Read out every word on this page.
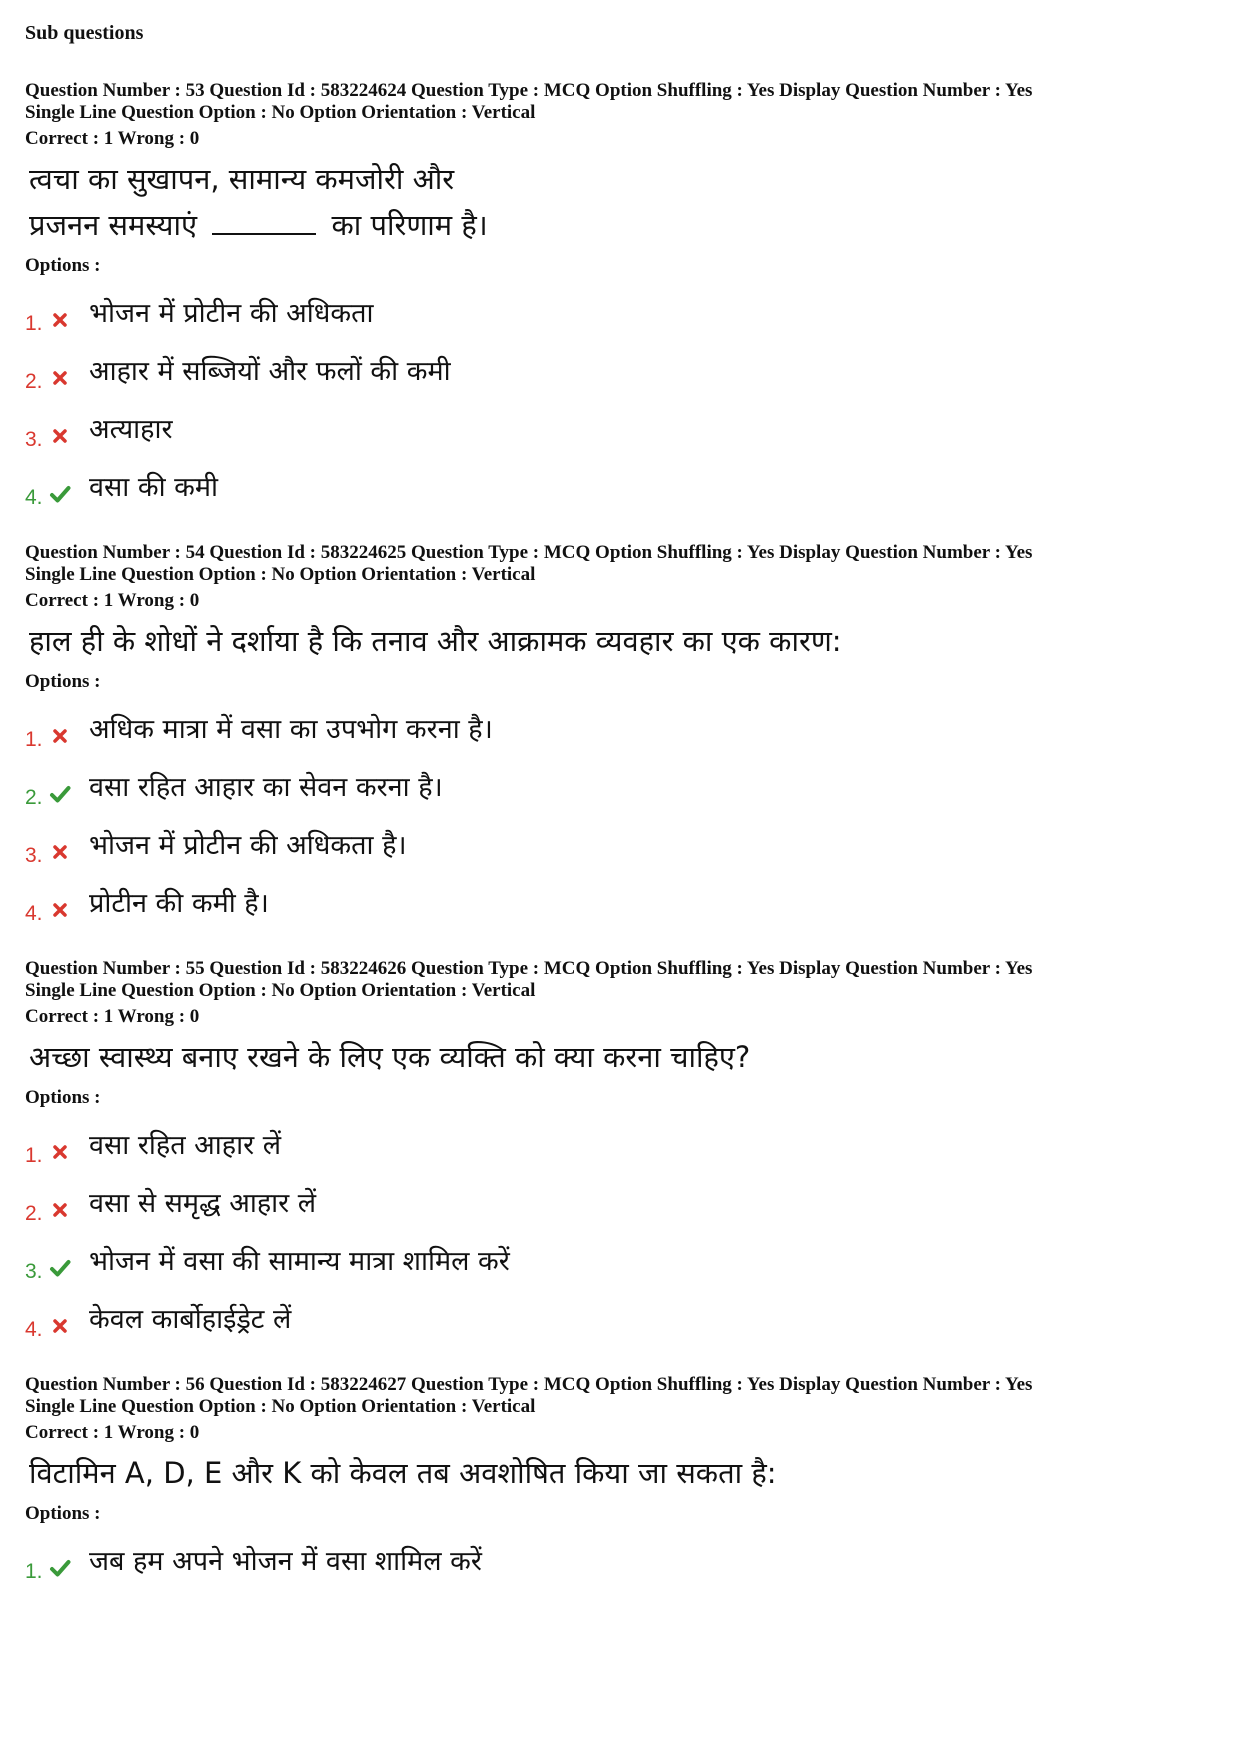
Sub questions
Question Number : 53 Question Id : 583224624 Question Type : MCQ Option Shuffling : Yes Display Question Number : Yes
Single Line Question Option : No Option Orientation : Vertical
Correct : 1 Wrong : 0
त्वचा का सुखापन, सामान्य कमजोरी और
प्रजनन समस्याएं	का परिणाम है।
Options :
1. भोजन में प्रोटीन की अधिकता
2. आहार में सब्जियों और फलों की कमी
3. अत्याहार
4. वसा की कमी
Question Number : 54 Question Id : 583224625 Question Type : MCQ Option Shuffling : Yes Display Question Number : Yes
Single Line Question Option : No Option Orientation : Vertical
Correct : 1 Wrong : 0
हाल ही के शोधों ने दर्शाया है कि तनाव और आक्रामक व्यवहार का एक कारण:
Options :
1. अधिक मात्रा में वसा का उपभोग करना है।
2. वसा रहित आहार का सेवन करना है।
3. भोजन में प्रोटीन की अधिकता है।
4. प्रोटीन की कमी है।
Question Number : 55 Question Id : 583224626 Question Type : MCQ Option Shuffling : Yes Display Question Number : Yes
Single Line Question Option : No Option Orientation : Vertical
Correct : 1 Wrong : 0
अच्छा स्वास्थ्य बनाए रखने के लिए एक व्यक्ति को क्या करना चाहिए?
Options :
1. वसा रहित आहार लें
2. वसा से समृद्ध आहार लें
3. भोजन में वसा की सामान्य मात्रा शामिल करें
4. केवल कार्बोहाईड्रेट लें
Question Number : 56 Question Id : 583224627 Question Type : MCQ Option Shuffling : Yes Display Question Number : Yes
Single Line Question Option : No Option Orientation : Vertical
Correct : 1 Wrong : 0
विटामिन A, D, E और K को केवल तब अवशोषित किया जा सकता है:
Options :
1. जब हम अपने भोजन में वसा शामिल करें
